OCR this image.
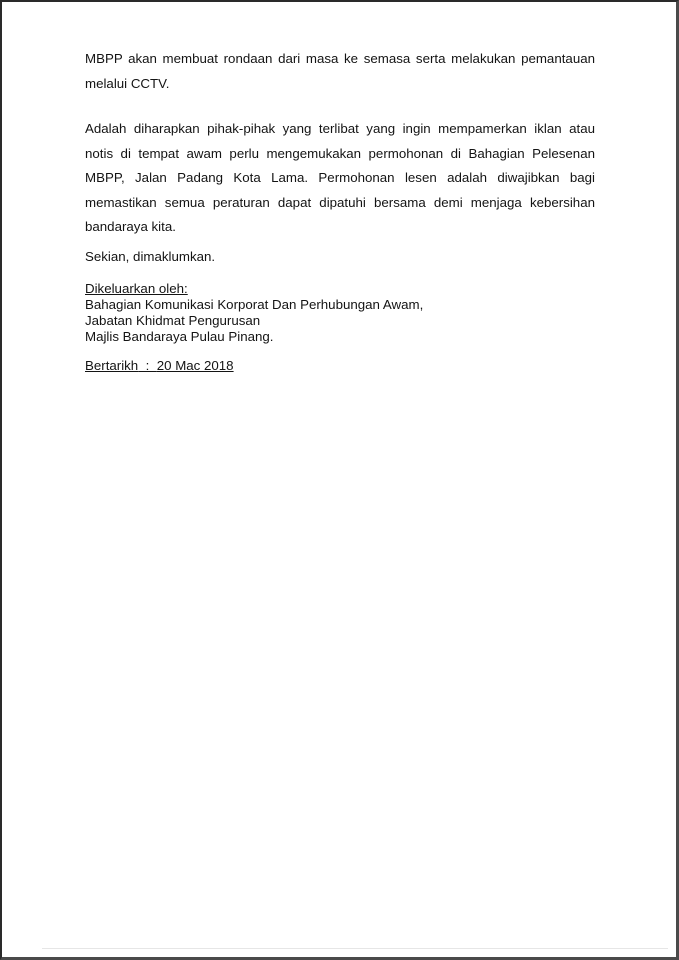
MBPP akan membuat rondaan dari masa ke semasa serta melakukan pemantauan
melalui CCTV.
Adalah diharapkan pihak-pihak yang terlibat yang ingin mempamerkan iklan atau
notis di tempat awam perlu mengemukakan permohonan di Bahagian Pelesenan
MBPP, Jalan Padang Kota Lama. Permohonan lesen adalah diwajibkan bagi
memastikan semua peraturan dapat dipatuhi bersama demi menjaga kebersihan
bandaraya kita.

Sekian, dimaklumkan.

Dikeluarkan oleh:
Bahagian Komunikasi Korporat Dan Perhubungan Awam,
Jabatan Khidmat Pengurusan
Majlis Bandaraya Pulau Pinang.

Bertarikh  :  20 Mac 2018
